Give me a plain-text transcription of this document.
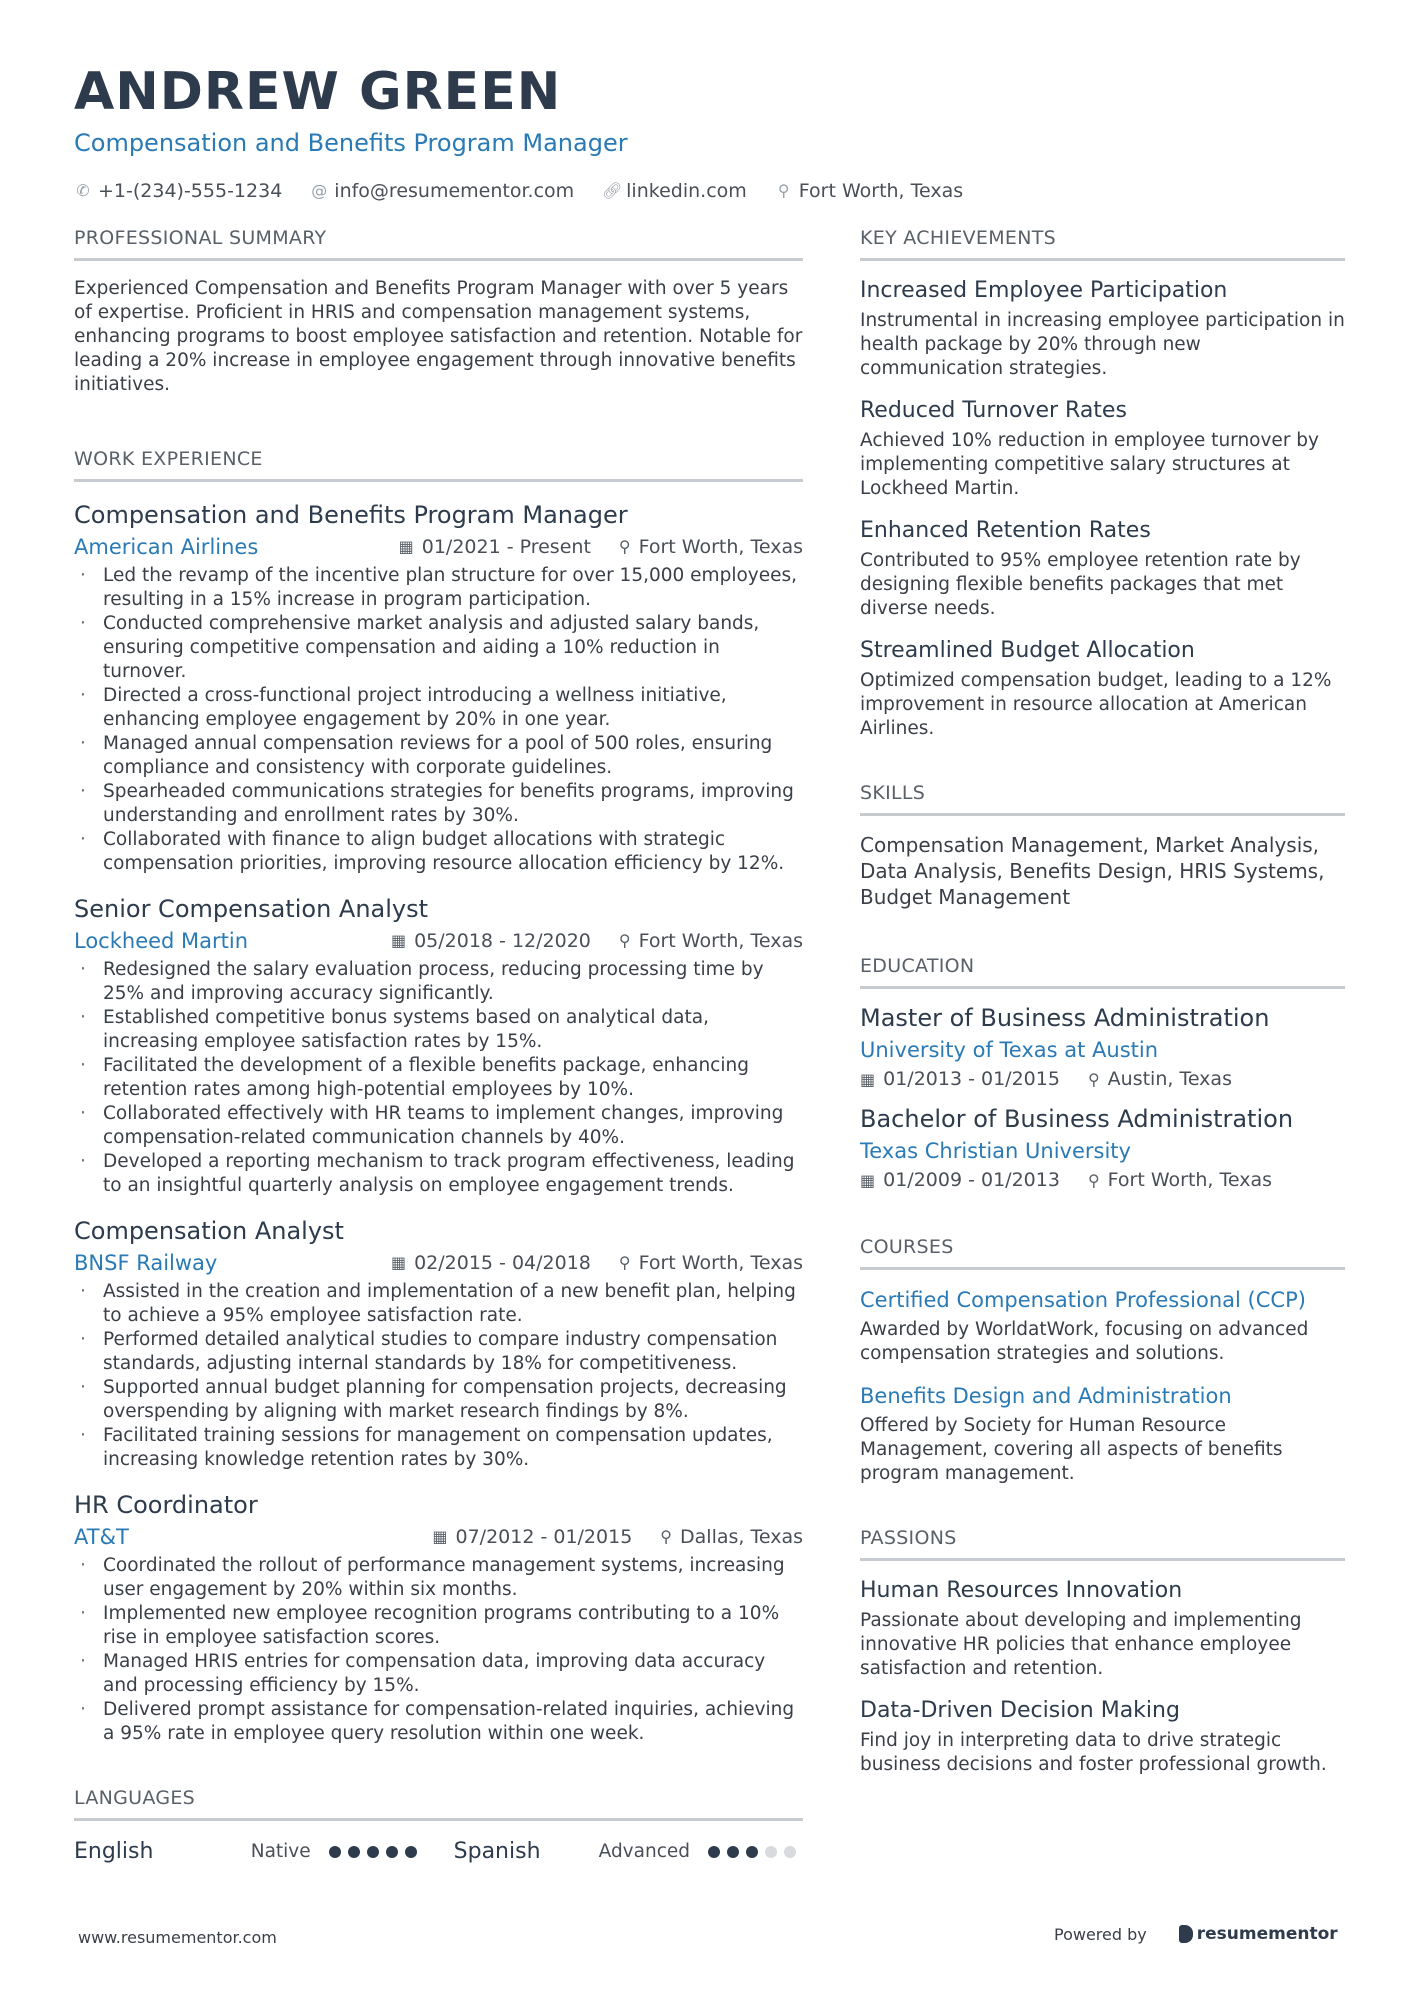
ANDREW GREEN
Compensation and Benefits Program Manager
✆ +1-(234)-555-1234 @ info@resumementor.com 🔗︎ linkedin.com ⚲ Fort Worth, Texas
PROFESSIONAL SUMMARY
Experienced Compensation and Benefits Program Manager with over 5 years of expertise. Proficient in HRIS and compensation management systems, enhancing programs to boost employee satisfaction and retention. Notable for leading a 20% increase in employee engagement through innovative benefits initiatives.
WORK EXPERIENCE
Compensation and Benefits Program Manager
American Airlines	▦ 01/2021 - Present ⚲ Fort Worth, Texas
· Led the revamp of the incentive plan structure for over 15,000 employees, resulting in a 15% increase in program participation.
· Conducted comprehensive market analysis and adjusted salary bands, ensuring competitive compensation and aiding a 10% reduction in turnover.
· Directed a cross-functional project introducing a wellness initiative, enhancing employee engagement by 20% in one year.
· Managed annual compensation reviews for a pool of 500 roles, ensuring compliance and consistency with corporate guidelines.
· Spearheaded communications strategies for benefits programs, improving understanding and enrollment rates by 30%.
· Collaborated with finance to align budget allocations with strategic compensation priorities, improving resource allocation efficiency by 12%.
Senior Compensation Analyst
Lockheed Martin	▦ 05/2018 - 12/2020 ⚲ Fort Worth, Texas
· Redesigned the salary evaluation process, reducing processing time by 25% and improving accuracy significantly.
· Established competitive bonus systems based on analytical data, increasing employee satisfaction rates by 15%.
· Facilitated the development of a flexible benefits package, enhancing retention rates among high-potential employees by 10%.
· Collaborated effectively with HR teams to implement changes, improving compensation-related communication channels by 40%.
· Developed a reporting mechanism to track program effectiveness, leading to an insightful quarterly analysis on employee engagement trends.
Compensation Analyst
BNSF Railway	▦ 02/2015 - 04/2018 ⚲ Fort Worth, Texas
· Assisted in the creation and implementation of a new benefit plan, helping to achieve a 95% employee satisfaction rate.
· Performed detailed analytical studies to compare industry compensation standards, adjusting internal standards by 18% for competitiveness.
· Supported annual budget planning for compensation projects, decreasing overspending by aligning with market research findings by 8%.
· Facilitated training sessions for management on compensation updates, increasing knowledge retention rates by 30%.
HR Coordinator
AT&T	▦ 07/2012 - 01/2015 ⚲ Dallas, Texas
· Coordinated the rollout of performance management systems, increasing user engagement by 20% within six months.
· Implemented new employee recognition programs contributing to a 10% rise in employee satisfaction scores.
· Managed HRIS entries for compensation data, improving data accuracy and processing efficiency by 15%.
· Delivered prompt assistance for compensation-related inquiries, achieving a 95% rate in employee query resolution within one week.
LANGUAGES
English	Native	Spanish	Advanced
KEY ACHIEVEMENTS
Increased Employee Participation
Instrumental in increasing employee participation in health package by 20% through new communication strategies.
Reduced Turnover Rates
Achieved 10% reduction in employee turnover by implementing competitive salary structures at Lockheed Martin.
Enhanced Retention Rates
Contributed to 95% employee retention rate by designing flexible benefits packages that met diverse needs.
Streamlined Budget Allocation
Optimized compensation budget, leading to a 12% improvement in resource allocation at American Airlines.
SKILLS
Compensation Management, Market Analysis, Data Analysis, Benefits Design, HRIS Systems, Budget Management
EDUCATION
Master of Business Administration
University of Texas at Austin
▦ 01/2013 - 01/2015 ⚲ Austin, Texas
Bachelor of Business Administration
Texas Christian University
▦ 01/2009 - 01/2013 ⚲ Fort Worth, Texas
COURSES
Certified Compensation Professional (CCP)
Awarded by WorldatWork, focusing on advanced compensation strategies and solutions.
Benefits Design and Administration
Offered by Society for Human Resource Management, covering all aspects of benefits program management.
PASSIONS
Human Resources Innovation
Passionate about developing and implementing innovative HR policies that enhance employee satisfaction and retention.
Data-Driven Decision Making
Find joy in interpreting data to drive strategic business decisions and foster professional growth.
www.resumementor.com	Powered by	resumementor
